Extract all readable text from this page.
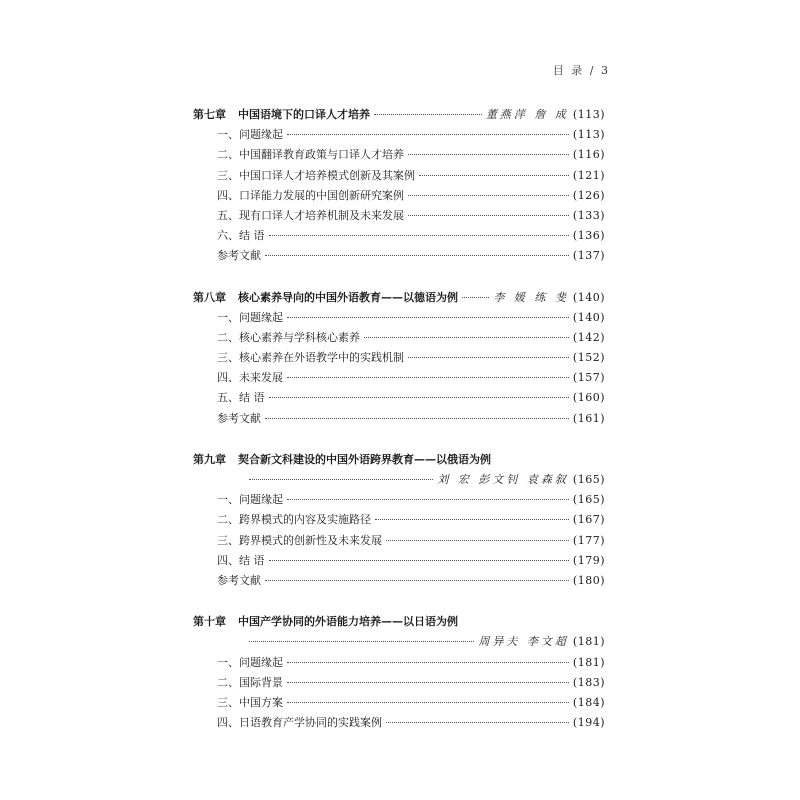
目 录 / 3
第七章 中国语境下的口译人才培养	董燕萍 詹 成 (113)
一、问题缘起	(113)
二、中国翻译教育政策与口译人才培养	(116)
三、中国口译人才培养模式创新及其案例	(121)
四、口译能力发展的中国创新研究案例	(126)
五、现有口译人才培养机制及未来发展	(133)
六、结 语	(136)
参考文献	(137)
第八章 核心素养导向的中国外语教育——以德语为例	李 媛 练 斐 (140)
一、问题缘起	(140)
二、核心素养与学科核心素养	(142)
三、核心素养在外语教学中的实践机制	(152)
四、未来发展	(157)
五、结 语	(160)
参考文献	(161)
第九章 契合新文科建设的中国外语跨界教育——以俄语为例
刘 宏 彭文钊 袁森叙 (165)
一、问题缘起	(165)
二、跨界模式的内容及实施路径	(167)
三、跨界模式的创新性及未来发展	(177)
四、结 语	(179)
参考文献	(180)
第十章 中国产学协同的外语能力培养——以日语为例
周异夫 李文超 (181)
一、问题缘起	(181)
二、国际背景	(183)
三、中国方案	(184)
四、日语教育产学协同的实践案例	(194)
